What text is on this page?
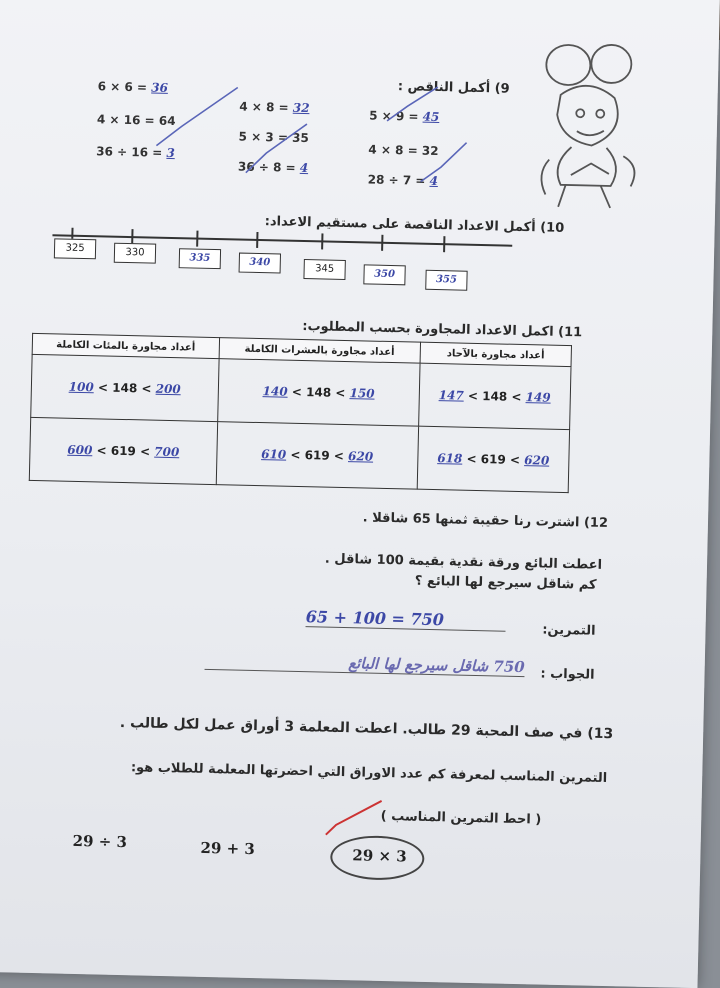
9) أكمل الناقص :
6 × 6 = 36
4 × 16 = 64
36 ÷ 16 = 3
4 × 8 = 32
5 × 3 = 35
36 ÷ 8 = 4
5 × 9 = 45
4 × 8 = 32
28 ÷ 7 = 4
10) أكمل الاعداد الناقصة على مستقيم الاعداد:
325	330	335	340
345	350	355
11) اكمل الاعداد المجاورة بحسب المطلوب:
أعداد مجاورة بالآحاد	أعداد مجاورة بالعشرات الكاملة	أعداد مجاورة بالمئات الكاملة
147 < 148 < 149	140 < 148 < 150	100 < 148 < 200
618 < 619 < 620	610 < 619 < 620	600 < 619 < 700
12) اشترت رنا حقيبة ثمنها 65 شاقلا .
اعطت البائع ورقة نقدية بقيمة 100 شاقل .
كم شاقل سيرجع لها البائع ؟
التمرين:
65 + 100 = 750
الجواب :
750 شاقل سيرجع لها البائع
13) في صف المحبة 29 طالب. اعطت المعلمة 3 أوراق عمل لكل طالب .
التمرين المناسب لمعرفة كم عدد الاوراق التي احضرتها المعلمة للطلاب هو:
( احط التمرين المناسب )
29 ÷ 3	29 + 3	29 × 3
